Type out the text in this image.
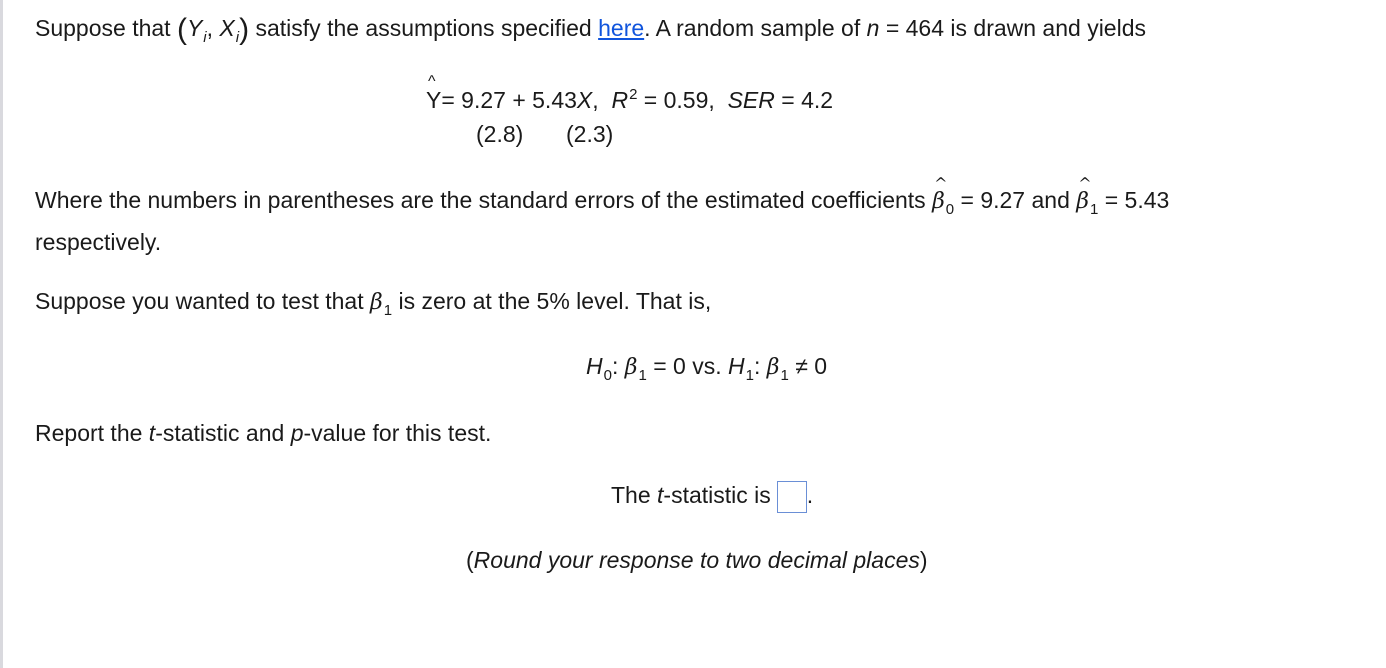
Suppose that ($Y_i$, $X_i$) satisfy the assumptions specified here. A random sample of n = 464 is drawn and yields
^ Y= 9.27 + 5.43X, $R^2 = 0.59$, SER = 4.2
(2.8) (2.3)
Where the numbers in parentheses are the standard errors of the estimated coefficients ^ $\beta_0 = 9.27$ and ^ $\beta_1 = 5.43$
respectively.
Suppose you wanted to test that $\beta_1$ is zero at the 5% level. That is,
$H_0$: $\beta_1 = 0$ vs. $H_1$: $\beta_1 \ne 0$
Report the t-statistic and p-value for this test.
The t-statistic is .
(Round your response to two decimal places)
